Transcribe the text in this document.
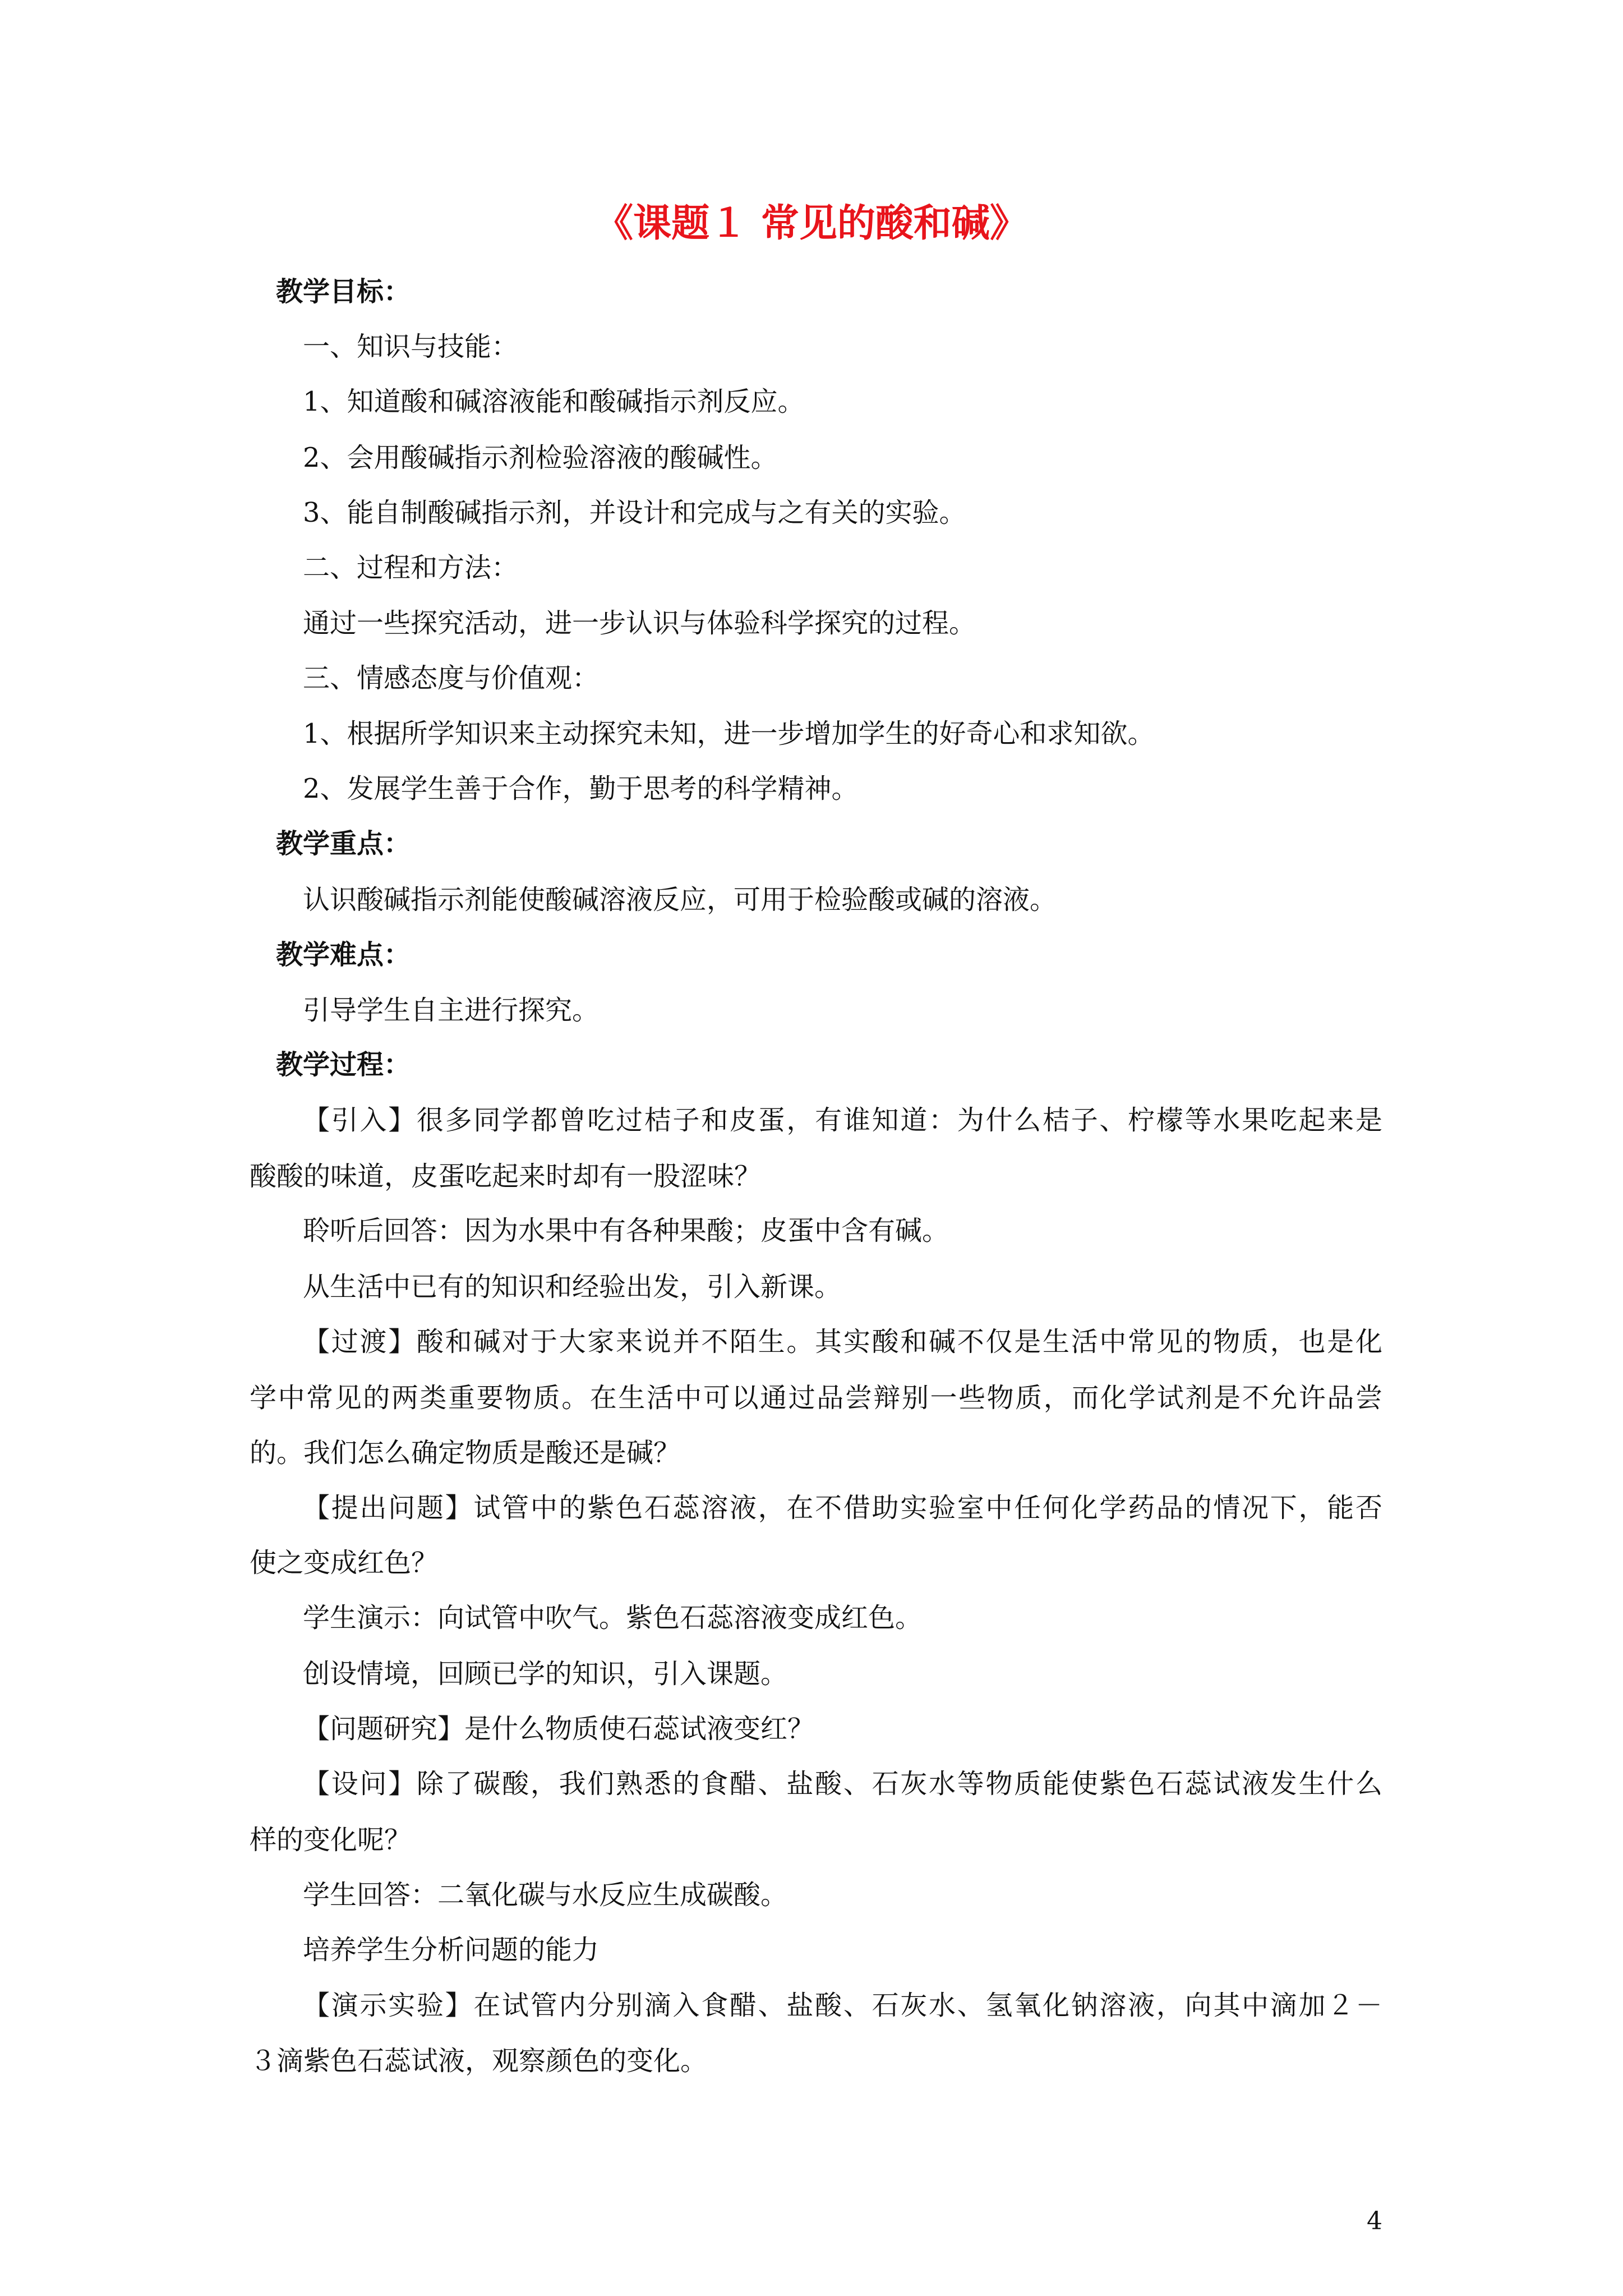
《课题１ 常见的酸和碱》
教学目标：
一、知识与技能：
1、知道酸和碱溶液能和酸碱指示剂反应。
2、会用酸碱指示剂检验溶液的酸碱性。
3、能自制酸碱指示剂，并设计和完成与之有关的实验。
二、过程和方法：
通过一些探究活动，进一步认识与体验科学探究的过程。
三、情感态度与价值观：
1、根据所学知识来主动探究未知，进一步增加学生的好奇心和求知欲。
2、发展学生善于合作，勤于思考的科学精神。
教学重点：
认识酸碱指示剂能使酸碱溶液反应，可用于检验酸或碱的溶液。
教学难点：
引导学生自主进行探究。
教学过程：
【引入】很多同学都曾吃过桔子和皮蛋，有谁知道：为什么桔子、柠檬等水果吃起来是
酸酸的味道，皮蛋吃起来时却有一股涩味？
聆听后回答：因为水果中有各种果酸；皮蛋中含有碱。
从生活中已有的知识和经验出发，引入新课。
【过渡】酸和碱对于大家来说并不陌生。其实酸和碱不仅是生活中常见的物质，也是化
学中常见的两类重要物质。在生活中可以通过品尝辩别一些物质，而化学试剂是不允许品尝
的。我们怎么确定物质是酸还是碱？
【提出问题】试管中的紫色石蕊溶液，在不借助实验室中任何化学药品的情况下，能否
使之变成红色？
学生演示：向试管中吹气。紫色石蕊溶液变成红色。
创设情境，回顾已学的知识，引入课题。
【问题研究】是什么物质使石蕊试液变红？
【设问】除了碳酸，我们熟悉的食醋、盐酸、石灰水等物质能使紫色石蕊试液发生什么
样的变化呢？
学生回答：二氧化碳与水反应生成碳酸。
培养学生分析问题的能力
【演示实验】在试管内分别滴入食醋、盐酸、石灰水、氢氧化钠溶液，向其中滴加２－
３滴紫色石蕊试液，观察颜色的变化。
4
